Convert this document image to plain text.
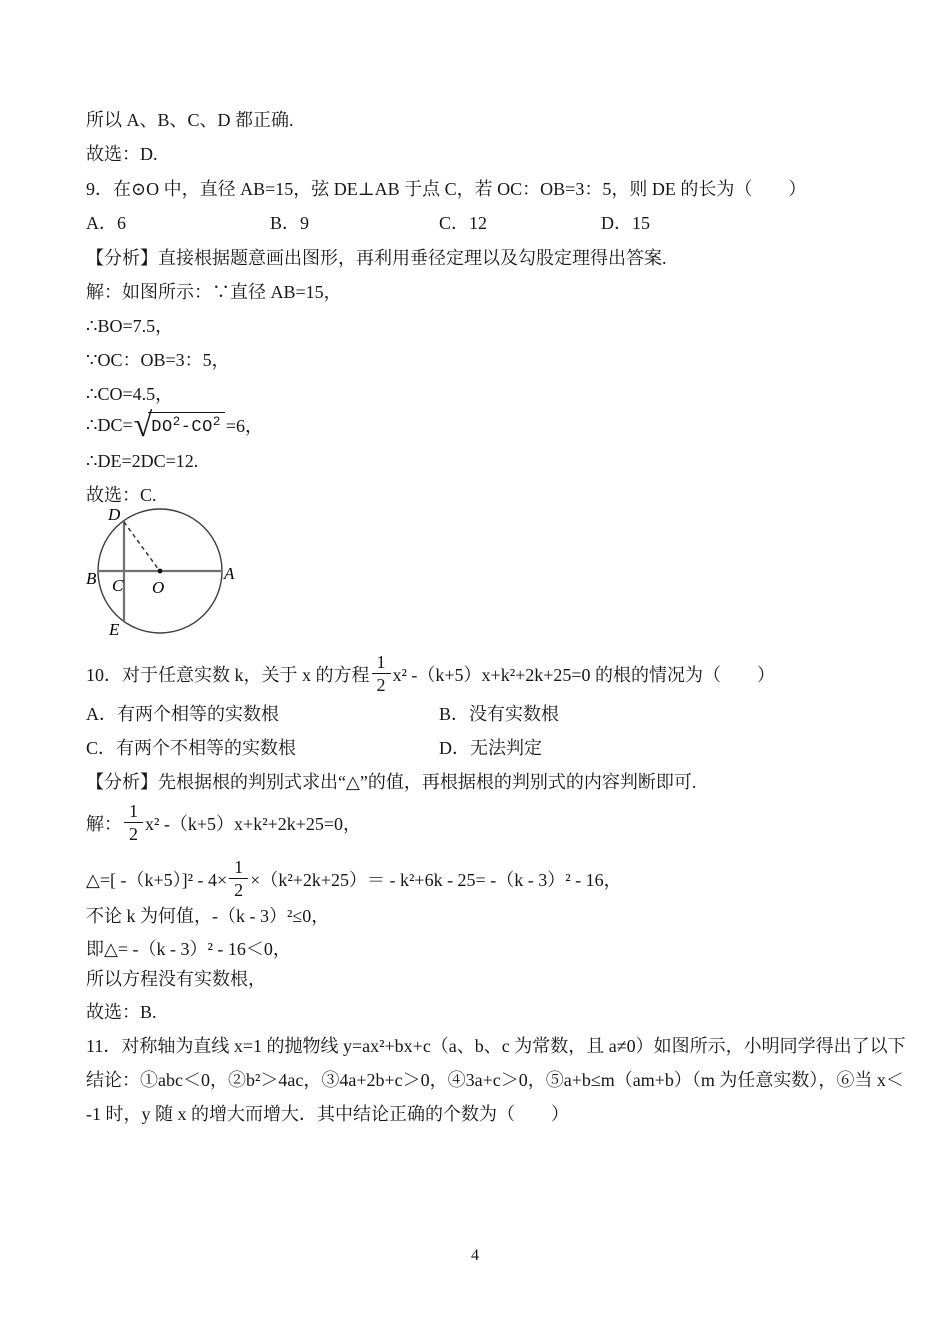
所以 A、B、C、D 都正确.
故选：D.
9．在⊙O 中，直径 AB=15，弦 DE⊥AB 于点 C，若 OC：OB=3：5，则 DE 的长为（　　）
A．6	B．9	C．12	D．15
【分析】直接根据题意画出图形，再利用垂径定理以及勾股定理得出答案.
解：如图所示：∵直径 AB=15，
∴BO=7.5，
∵OC：OB=3：5，
∴CO=4.5，
∴DC= √ $DO^2-CO^2 =6$，
∴DE=2DC=12.
故选：C.
D
B C O
A
E
10．对于任意实数 k，关于 x 的方程 $\frac{1}{2} x^2$ -（k+5）x+k²+2k+25=0 的根的情况为（　　）
A．有两个相等的实数根	B．没有实数根
C．有两个不相等的实数根	D．无法判定
【分析】先根据根的判别式求出“△”的值，再根据根的判别式的内容判断即可.
解： $\frac{1}{2} x^2$ -（k+5）x+k²+2k+25=0，
△=[ $-(k+5)]^2 - 4\times \frac{1}{2} \times(k^2+2k+25)= - k^2+6k - 25= -(k - 3)^2 - 16$，
不论 k 为何值，-（k - 3）²≤0，
即△= -（k - 3）² - 16＜0，
所以方程没有实数根，
故选：B.
11．对称轴为直线 x=1 的抛物线 y=ax²+bx+c（a、b、c 为常数，且 a≠0）如图所示，小明同学得出了以下
结论：①abc＜0，②b²＞4ac，③4a+2b+c＞0，④3a+c＞0，⑤a+b≤m（am+b）（m 为任意实数），⑥当 x＜
-1 时，y 随 x 的增大而增大．其中结论正确的个数为（　　）
4
